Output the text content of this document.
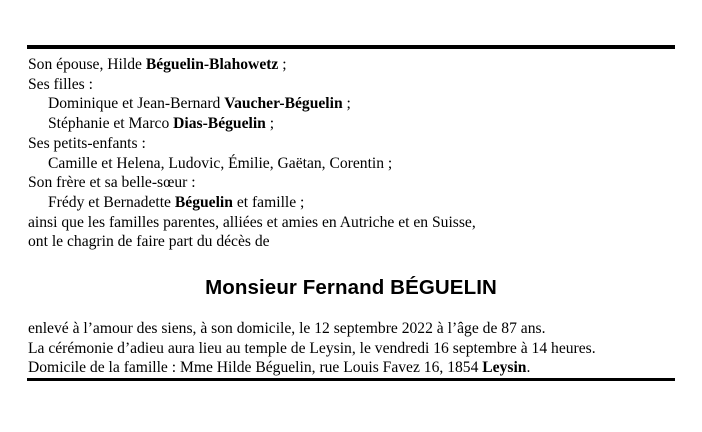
Son épouse, Hilde Béguelin-Blahowetz ;
Ses filles :
Dominique et Jean-Bernard Vaucher-Béguelin ;
Stéphanie et Marco Dias-Béguelin ;
Ses petits-enfants :
Camille et Helena, Ludovic, Émilie, Gaëtan, Corentin ;
Son frère et sa belle-sœur :
Frédy et Bernadette Béguelin et famille ;
ainsi que les familles parentes, alliées et amies en Autriche et en Suisse,
ont le chagrin de faire part du décès de
Monsieur Fernand BÉGUELIN
enlevé à l’amour des siens, à son domicile, le 12 septembre 2022 à l’âge de 87 ans.
La cérémonie d’adieu aura lieu au temple de Leysin, le vendredi 16 septembre à 14 heures.
Domicile de la famille : Mme Hilde Béguelin, rue Louis Favez 16, 1854 Leysin.
